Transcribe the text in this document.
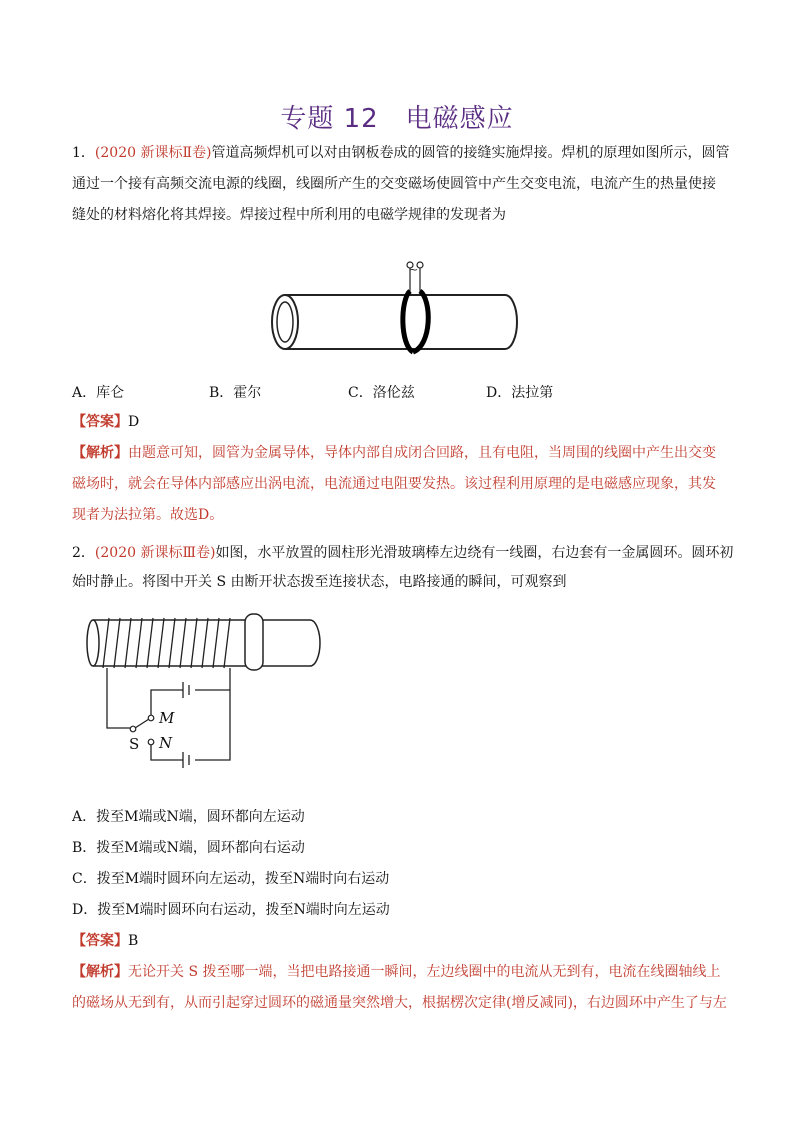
专题 12　电磁感应
1．(2020 新课标Ⅱ卷)管道高频焊机可以对由钢板卷成的圆管的接缝实施焊接。焊机的原理如图所示，圆管
通过一个接有高频交流电源的线圈，线圈所产生的交变磁场使圆管中产生交变电流，电流产生的热量使接
缝处的材料熔化将其焊接。焊接过程中所利用的电磁学规律的发现者为
~
A．库仑	B．霍尔	C．洛伦兹	D．法拉第
【答案】D
【解析】由题意可知，圆管为金属导体，导体内部自成闭合回路，且有电阻，当周围的线圈中产生出交变
磁场时，就会在导体内部感应出涡电流，电流通过电阻要发热。该过程利用原理的是电磁感应现象，其发
现者为法拉第。故选D。
2．(2020 新课标Ⅲ卷)如图，水平放置的圆柱形光滑玻璃棒左边绕有一线圈，右边套有一金属圆环。圆环初
始时静止。将图中开关 S 由断开状态拨至连接状态，电路接通的瞬间，可观察到
M
N
S
A．拨至M端或N端，圆环都向左运动
B．拨至M端或N端，圆环都向右运动
C．拨至M端时圆环向左运动，拨至N端时向右运动
D．拨至M端时圆环向右运动，拨至N端时向左运动
【答案】B
【解析】无论开关 S 拨至哪一端，当把电路接通一瞬间，左边线圈中的电流从无到有，电流在线圈轴线上
的磁场从无到有，从而引起穿过圆环的磁通量突然增大，根据楞次定律(增反减同)，右边圆环中产生了与左
